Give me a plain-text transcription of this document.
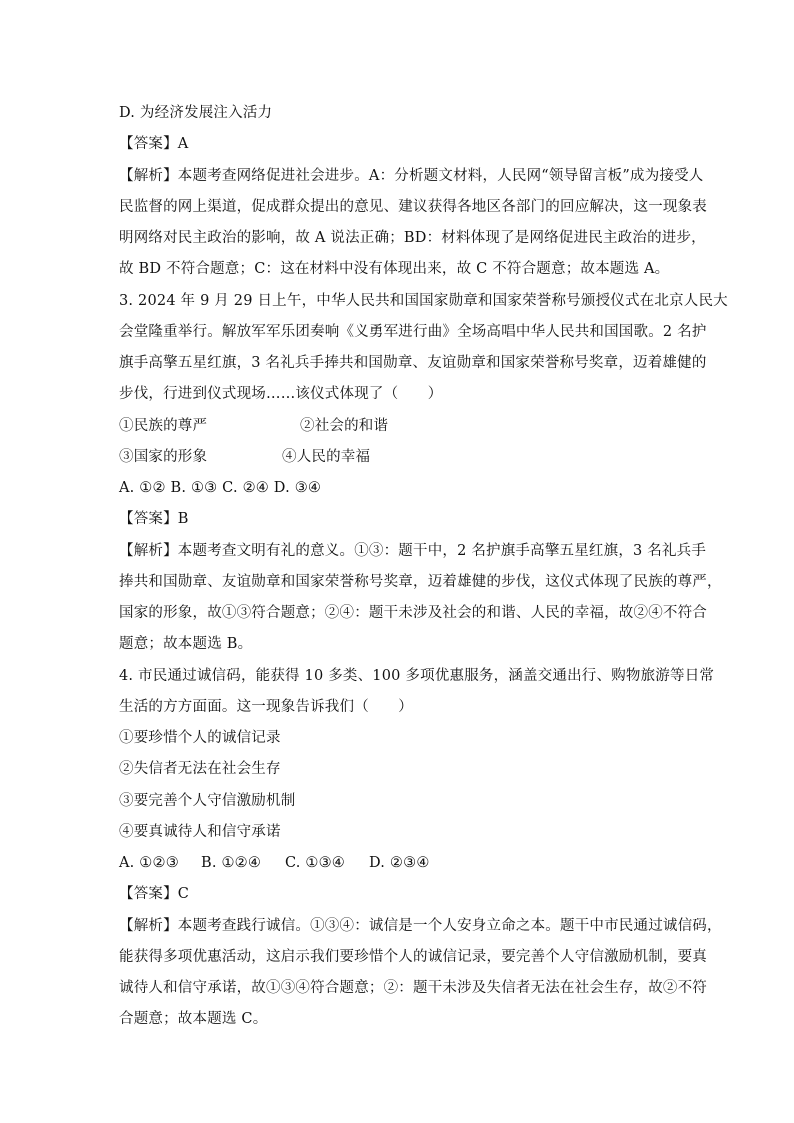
D. 为经济发展注入活力
【答案】A
【解析】本题考查网络促进社会进步。A：分析题文材料，人民网“领导留言板”成为接受人
民监督的网上渠道，促成群众提出的意见、建议获得各地区各部门的回应解决，这一现象表
明网络对民主政治的影响，故 A 说法正确；BD：材料体现了是网络促进民主政治的进步，
故 BD 不符合题意；C：这在材料中没有体现出来，故 C 不符合题意；故本题选 A。
3. 2024 年 9 月 29 日上午，中华人民共和国国家勋章和国家荣誉称号颁授仪式在北京人民大
会堂隆重举行。解放军军乐团奏响《义勇军进行曲》全场高唱中华人民共和国国歌。2 名护
旗手高擎五星红旗，3 名礼兵手捧共和国勋章、友谊勋章和国家荣誉称号奖章，迈着雄健的
步伐，行进到仪式现场……该仪式体现了（　　）
①民族的尊严	②社会的和谐
③国家的形象	④人民的幸福
A. ①② B. ①③ C. ②④ D. ③④
【答案】B
【解析】本题考查文明有礼的意义。①③：题干中，2 名护旗手高擎五星红旗，3 名礼兵手
捧共和国勋章、友谊勋章和国家荣誉称号奖章，迈着雄健的步伐，这仪式体现了民族的尊严，
国家的形象，故①③符合题意；②④：题干未涉及社会的和谐、人民的幸福，故②④不符合
题意；故本题选 B。
4. 市民通过诚信码，能获得 10 多类、100 多项优惠服务，涵盖交通出行、购物旅游等日常
生活的方方面面。这一现象告诉我们（　　）
①要珍惜个人的诚信记录
②失信者无法在社会生存
③要完善个人守信激励机制
④要真诚待人和信守承诺
A. ①②③ B. ①②④ C. ①③④ D. ②③④
【答案】C
【解析】本题考查践行诚信。①③④：诚信是一个人安身立命之本。题干中市民通过诚信码，
能获得多项优惠活动，这启示我们要珍惜个人的诚信记录，要完善个人守信激励机制，要真
诚待人和信守承诺，故①③④符合题意；②：题干未涉及失信者无法在社会生存，故②不符
合题意；故本题选 C。
